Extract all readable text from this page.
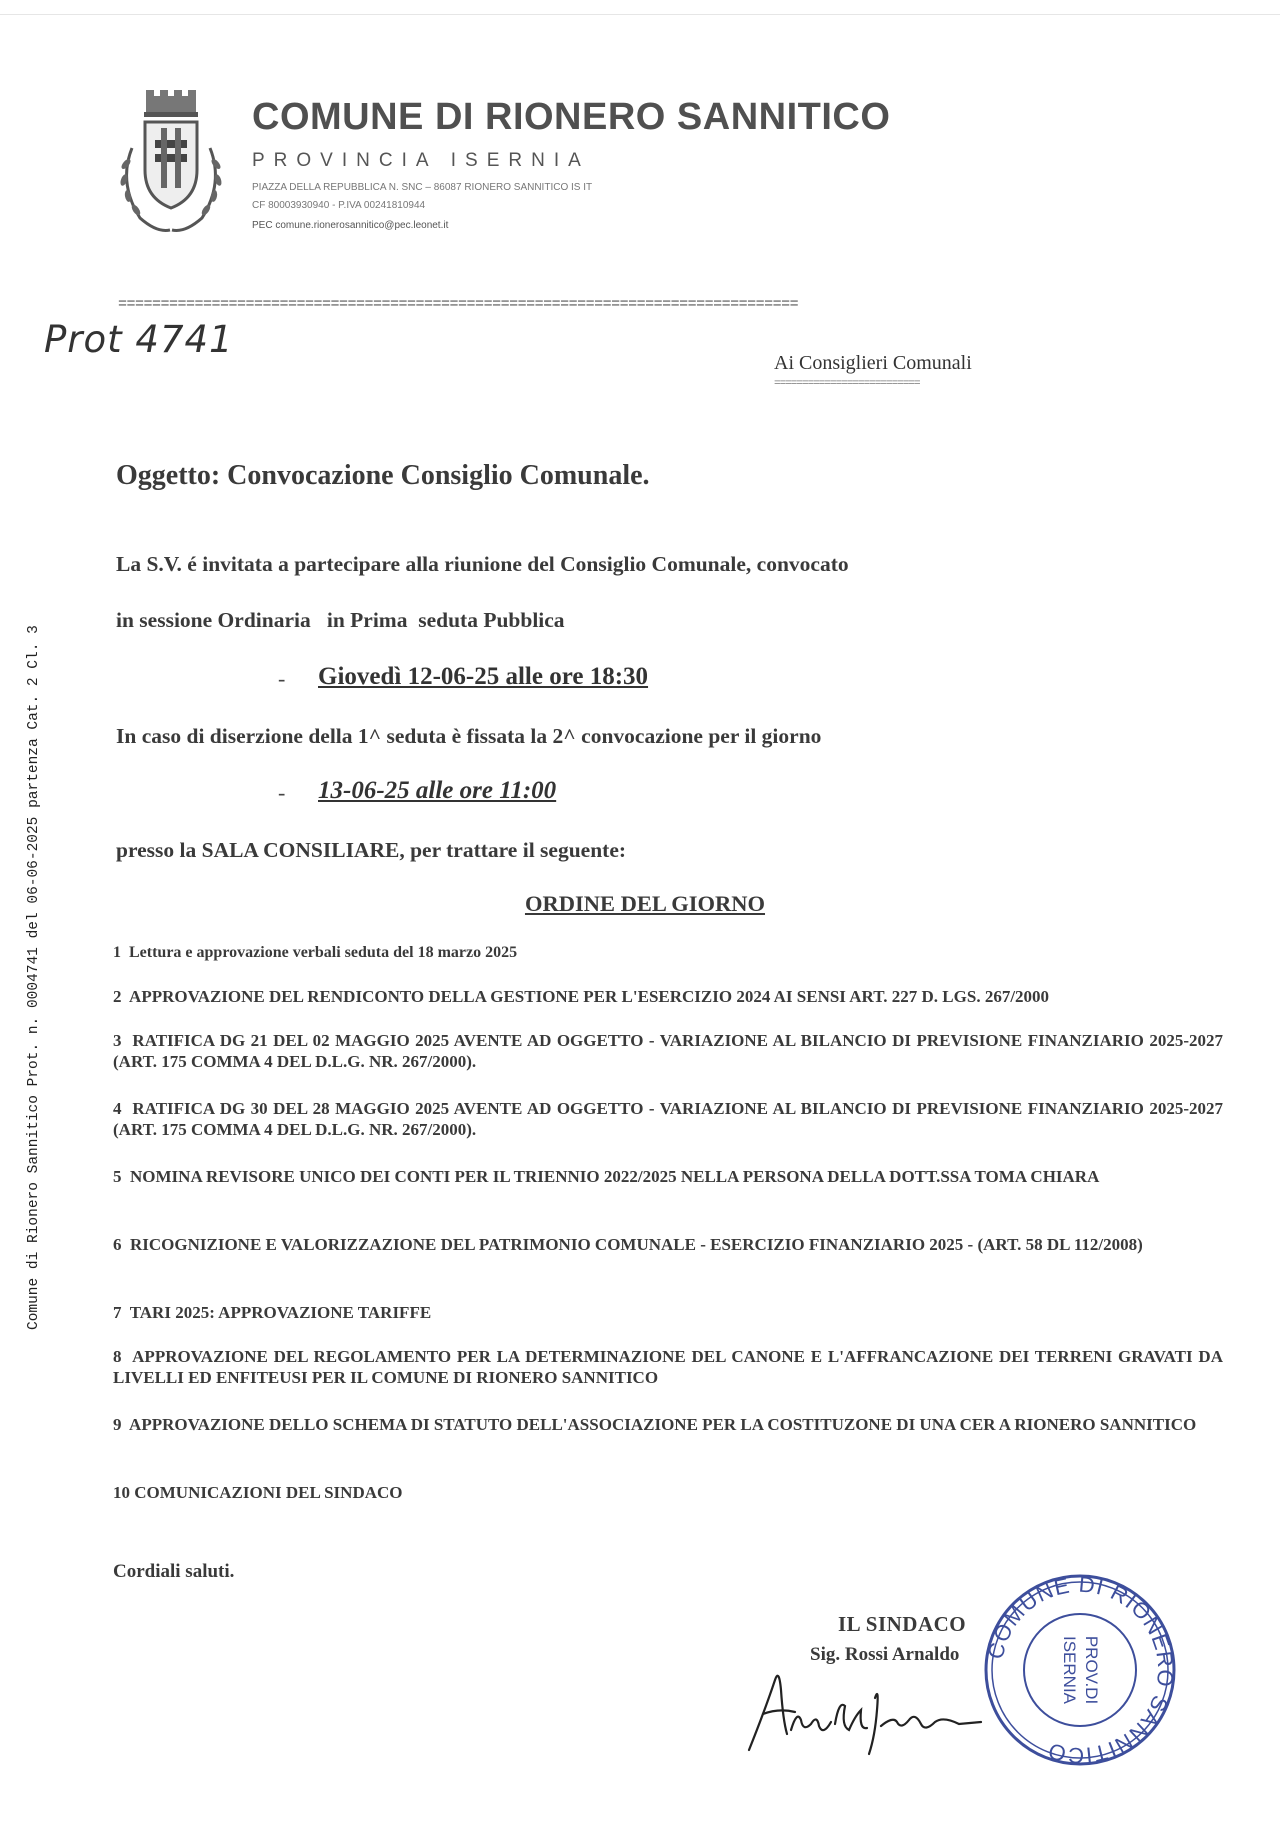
Comune di Rionero Sannitico Prot. n. 0004741 del 06-06-2025 partenza Cat. 2 Cl. 3
COMUNE DI RIONERO SANNITICO
PROVINCIA ISERNIA
PIAZZA DELLA REPUBBLICA N. SNC – 86087 RIONERO SANNITICO IS IT
CF 80003930940 - P.IVA 00241810944
PEC comune.rionerosannitico@pec.leonet.it
================================================================================
Prot 4741
Ai Consiglieri Comunali
==========================
Oggetto: Convocazione Consiglio Comunale.
La S.V. é invitata a partecipare alla riunione del Consiglio Comunale, convocato
in sessione Ordinaria   in Prima  seduta Pubblica
- Giovedì 12-06-25 alle ore 18:30
In caso di diserzione della 1^ seduta è fissata la 2^ convocazione per il giorno
- 13-06-25 alle ore 11:00
presso la SALA CONSILIARE, per trattare il seguente:
ORDINE DEL GIORNO
1  Lettura e approvazione verbali seduta del 18 marzo 2025
2  APPROVAZIONE DEL RENDICONTO DELLA GESTIONE PER L'ESERCIZIO 2024 AI SENSI ART. 227 D. LGS. 267/2000
3  RATIFICA DG 21 DEL 02 MAGGIO 2025 AVENTE AD OGGETTO - VARIAZIONE AL BILANCIO DI PREVISIONE FINANZIARIO 2025-2027 (ART. 175 COMMA 4 DEL D.L.G. NR. 267/2000).
4  RATIFICA DG 30 DEL 28 MAGGIO 2025 AVENTE AD OGGETTO - VARIAZIONE AL BILANCIO DI PREVISIONE FINANZIARIO 2025-2027 (ART. 175 COMMA 4 DEL D.L.G. NR. 267/2000).
5  NOMINA REVISORE UNICO DEI CONTI PER IL TRIENNIO 2022/2025 NELLA PERSONA DELLA DOTT.SSA TOMA CHIARA
6  RICOGNIZIONE E VALORIZZAZIONE DEL PATRIMONIO COMUNALE - ESERCIZIO FINANZIARIO 2025 - (ART. 58 DL 112/2008)
7  TARI 2025: APPROVAZIONE TARIFFE
8  APPROVAZIONE DEL REGOLAMENTO PER LA DETERMINAZIONE DEL CANONE E L'AFFRANCAZIONE DEI TERRENI GRAVATI DA LIVELLI ED ENFITEUSI PER IL COMUNE DI RIONERO SANNITICO
9  APPROVAZIONE DELLO SCHEMA DI STATUTO DELL'ASSOCIAZIONE PER LA COSTITUZONE DI UNA CER A RIONERO SANNITICO
10 COMUNICAZIONI DEL SINDACO
Cordiali saluti.
IL SINDACO
Sig. Rossi Arnaldo COMUNE DI RIONERO SANNITICO
PROV.DI
ISERNIA
